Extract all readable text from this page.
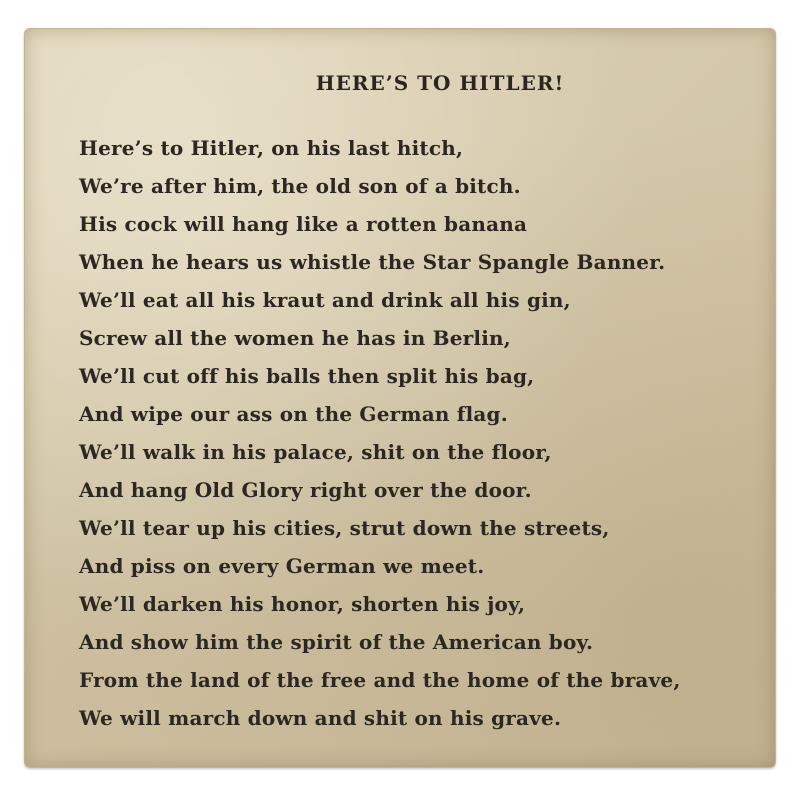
HERE’S TO HITLER!
Here’s to Hitler, on his last hitch,
We’re after him, the old son of a bitch.
His cock will hang like a rotten banana
When he hears us whistle the Star Spangle Banner.
We’ll eat all his kraut and drink all his gin,
Screw all the women he has in Berlin,
We’ll cut off his balls then split his bag,
And wipe our ass on the German flag.
We’ll walk in his palace, shit on the floor,
And hang Old Glory right over the door.
We’ll tear up his cities, strut down the streets,
And piss on every German we meet.
We’ll darken his honor, shorten his joy,
And show him the spirit of the American boy.
From the land of the free and the home of the brave,
We will march down and shit on his grave.
